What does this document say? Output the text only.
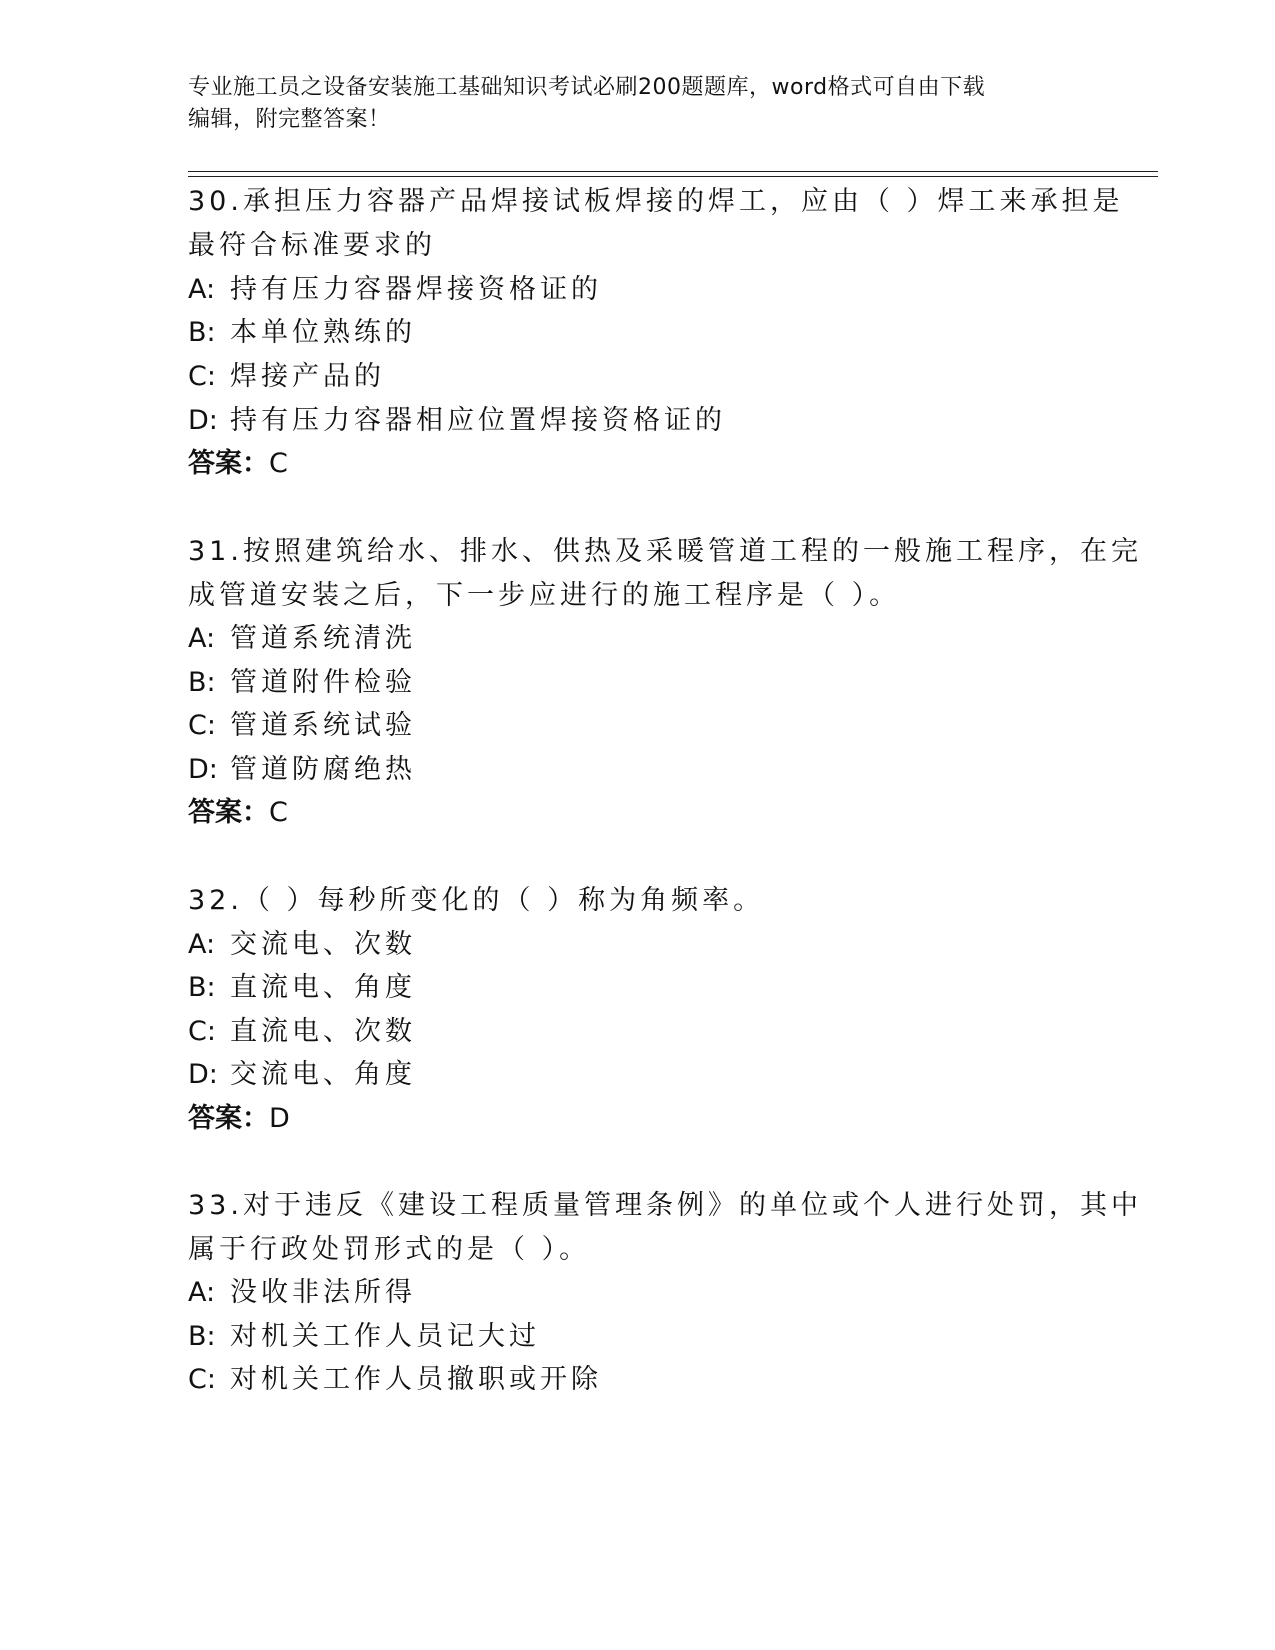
专业施工员之设备安装施工基础知识考试必刷200题题库，word格式可自由下载
编辑，附完整答案！
30.承担压力容器产品焊接试板焊接的焊工，应由（ ）焊工来承担是
最符合标准要求的
A: 持有压力容器焊接资格证的
B: 本单位熟练的
C: 焊接产品的
D: 持有压力容器相应位置焊接资格证的
答案：C
31.按照建筑给水、排水、供热及采暖管道工程的一般施工程序，在完
成管道安装之后，下一步应进行的施工程序是（ ）。
A: 管道系统清洗
B: 管道附件检验
C: 管道系统试验
D: 管道防腐绝热
答案：C
32.（ ）每秒所变化的（ ）称为角频率。
A: 交流电、次数
B: 直流电、角度
C: 直流电、次数
D: 交流电、角度
答案：D
33.对于违反《建设工程质量管理条例》的单位或个人进行处罚，其中
属于行政处罚形式的是（ ）。
A: 没收非法所得
B: 对机关工作人员记大过
C: 对机关工作人员撤职或开除
